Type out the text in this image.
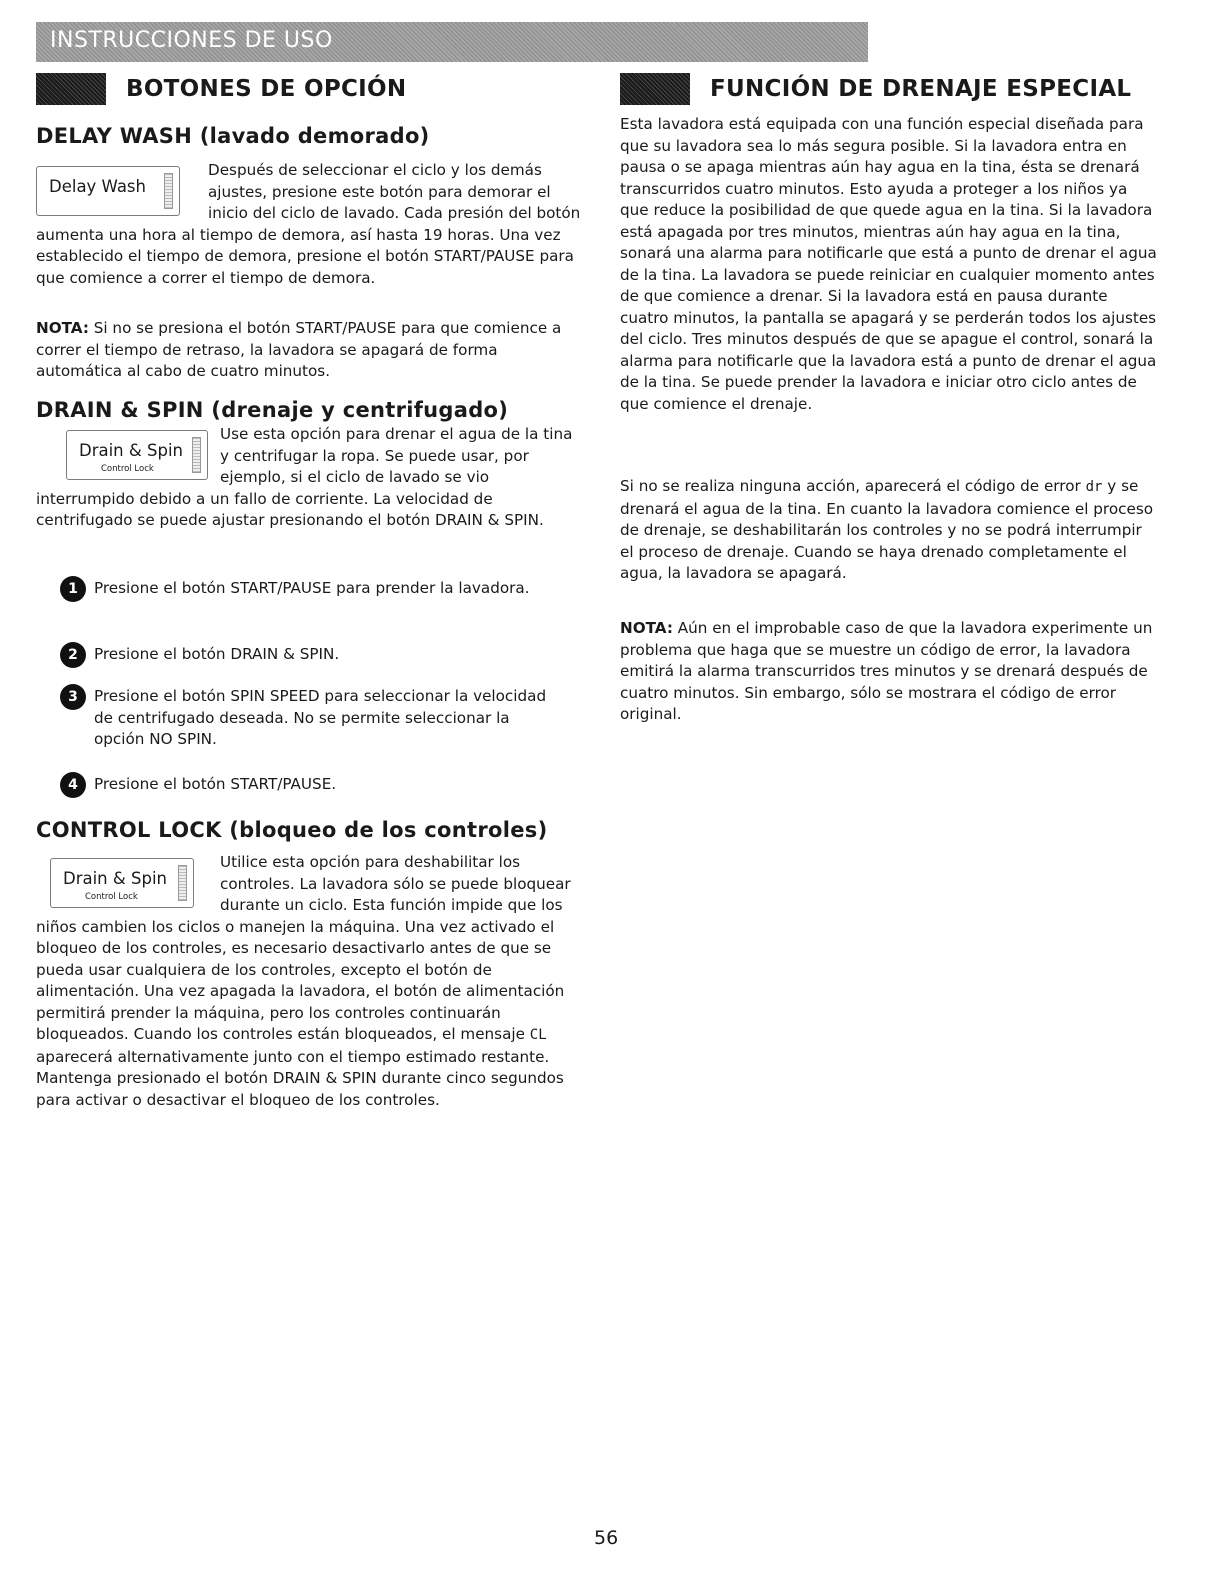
INSTRUCCIONES DE USO
BOTONES DE OPCIÓN
DELAY WASH (lavado demorado)

Delay Wash
Después de seleccionar el ciclo y los demás ajustes, presione este botón para demorar el inicio del ciclo de lavado. Cada presión del botón aumenta una hora al tiempo de demora, así hasta 19 horas. Una vez establecido el tiempo de demora, presione el botón START/PAUSE para que comience a correr el tiempo de demora.

NOTA: Si no se presiona el botón START/PAUSE para que comience a correr el tiempo de retraso, la lavadora se apagará de forma automática al cabo de cuatro minutos.

DRAIN & SPIN (drenaje y centrifugado)

Drain & Spin
Control Lock
Use esta opción para drenar el agua de la tina y centrifugar la ropa. Se puede usar, por ejemplo, si el ciclo de lavado se vio interrumpido debido a un fallo de corriente. La velocidad de centrifugado se puede ajustar presionando el botón DRAIN & SPIN.

1	Presione el botón START/PAUSE para prender la lavadora.
2	Presione el botón DRAIN & SPIN.
3	Presione el botón SPIN SPEED para seleccionar la velocidad de centrifugado deseada. No se permite seleccionar la opción NO SPIN.
4	Presione el botón START/PAUSE.
CONTROL LOCK (bloqueo de los controles)

Drain & Spin
Control Lock
Utilice esta opción para deshabilitar los controles. La lavadora sólo se puede bloquear durante un ciclo. Esta función impide que los niños cambien los ciclos o manejen la máquina. Una vez activado el bloqueo de los controles, es necesario desactivarlo antes de que se pueda usar cualquiera de los controles, excepto el botón de alimentación. Una vez apagada la lavadora, el botón de alimentación permitirá prender la máquina, pero los controles continuarán bloqueados. Cuando los controles están bloqueados, el mensaje CL aparecerá alternativamente junto con el tiempo estimado restante. Mantenga presionado el botón DRAIN & SPIN durante cinco segundos para activar o desactivar el bloqueo de los controles.

FUNCIÓN DE DRENAJE ESPECIAL

Esta lavadora está equipada con una función especial diseñada para que su lavadora sea lo más segura posible. Si la lavadora entra en pausa o se apaga mientras aún hay agua en la tina, ésta se drenará transcurridos cuatro minutos. Esto ayuda a proteger a los niños ya que reduce la posibilidad de que quede agua en la tina. Si la lavadora está apagada por tres minutos, mientras aún hay agua en la tina, sonará una alarma para notificarle que está a punto de drenar el agua de la tina. La lavadora se puede reiniciar en cualquier momento antes de que comience a drenar. Si la lavadora está en pausa durante cuatro minutos, la pantalla se apagará y se perderán todos los ajustes del ciclo. Tres minutos después de que se apague el control, sonará la alarma para notificarle que la lavadora está a punto de drenar el agua de la tina. Se puede prender la lavadora e iniciar otro ciclo antes de que comience el drenaje.

Si no se realiza ninguna acción, aparecerá el código de error dr y se drenará el agua de la tina. En cuanto la lavadora comience el proceso de drenaje, se deshabilitarán los controles y no se podrá interrumpir el proceso de drenaje. Cuando se haya drenado completamente el agua, la lavadora se apagará.

NOTA: Aún en el improbable caso de que la lavadora experimente un problema que haga que se muestre un código de error, la lavadora emitirá la alarma transcurridos tres minutos y se drenará después de cuatro minutos. Sin embargo, sólo se mostrara el código de error original.

56
